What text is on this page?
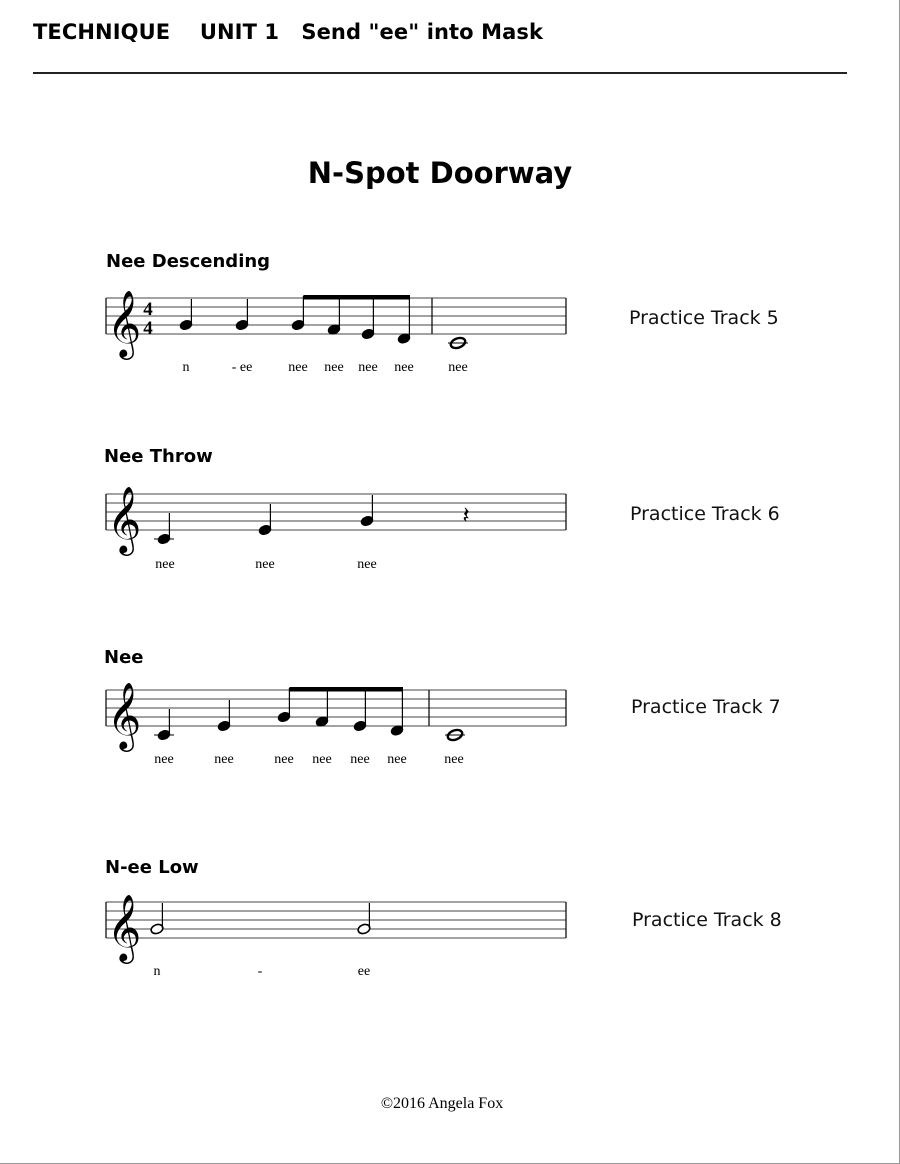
TECHNIQUE    UNIT 1   Send "ee" into Mask
N-Spot Doorway
Nee Descending
Practice Track 5
𝄞 4
4
n	- ee	nee nee nee nee nee
Nee Throw
Practice Track 6
𝄞
nee	nee	nee
𝄽
Nee
Practice Track 7
𝄞
nee	nee	nee nee nee nee	nee
N-ee Low
Practice Track 8
𝄞
n	ee
-
©2016 Angela Fox
